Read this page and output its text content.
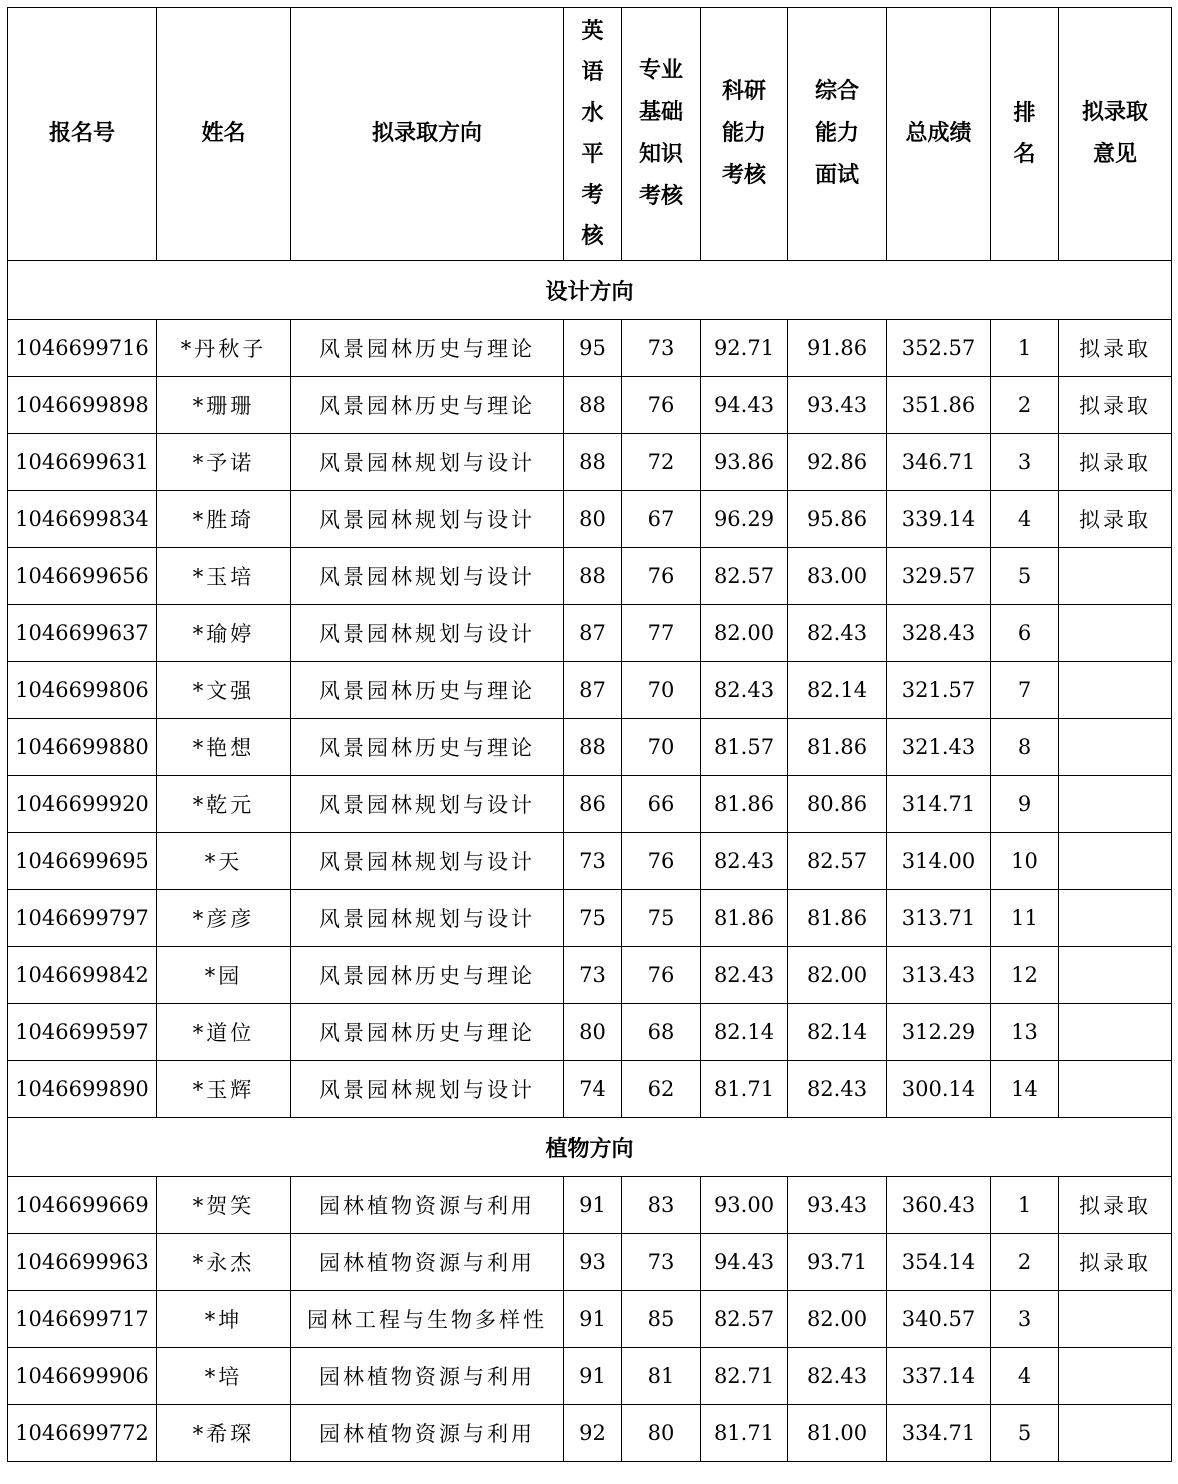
报名号	姓名	拟录取方向	英语水平考核	专业基础知识考核	科研能力考核	综合能力面试	总成绩	排名	拟录取意见
设计方向									
1046699716	*丹秋子	风景园林历史与理论	95	73	92.71	91.86	352.57	1	拟录取
1046699898	*珊珊	风景园林历史与理论	88	76	94.43	93.43	351.86	2	拟录取
1046699631	*予诺	风景园林规划与设计	88	72	93.86	92.86	346.71	3	拟录取
1046699834	*胜琦	风景园林规划与设计	80	67	96.29	95.86	339.14	4	拟录取
1046699656	*玉培	风景园林规划与设计	88	76	82.57	83.00	329.57	5	
1046699637	*瑜婷	风景园林规划与设计	87	77	82.00	82.43	328.43	6	
1046699806	*文强	风景园林历史与理论	87	70	82.43	82.14	321.57	7	
1046699880	*艳想	风景园林历史与理论	88	70	81.57	81.86	321.43	8	
1046699920	*乾元	风景园林规划与设计	86	66	81.86	80.86	314.71	9	
1046699695	*天	风景园林规划与设计	73	76	82.43	82.57	314.00	10	
1046699797	*彦彦	风景园林规划与设计	75	75	81.86	81.86	313.71	11	
1046699842	*园	风景园林历史与理论	73	76	82.43	82.00	313.43	12	
1046699597	*道位	风景园林历史与理论	80	68	82.14	82.14	312.29	13	
1046699890	*玉辉	风景园林规划与设计	74	62	81.71	82.43	300.14	14	
植物方向									
1046699669	*贺笑	园林植物资源与利用	91	83	93.00	93.43	360.43	1	拟录取
1046699963	*永杰	园林植物资源与利用	93	73	94.43	93.71	354.14	2	拟录取
1046699717	*坤	园林工程与生物多样性	91	85	82.57	82.00	340.57	3	
1046699906	*培	园林植物资源与利用	91	81	82.71	82.43	337.14	4	
1046699772	*希琛	园林植物资源与利用	92	80	81.71	81.00	334.71	5	
